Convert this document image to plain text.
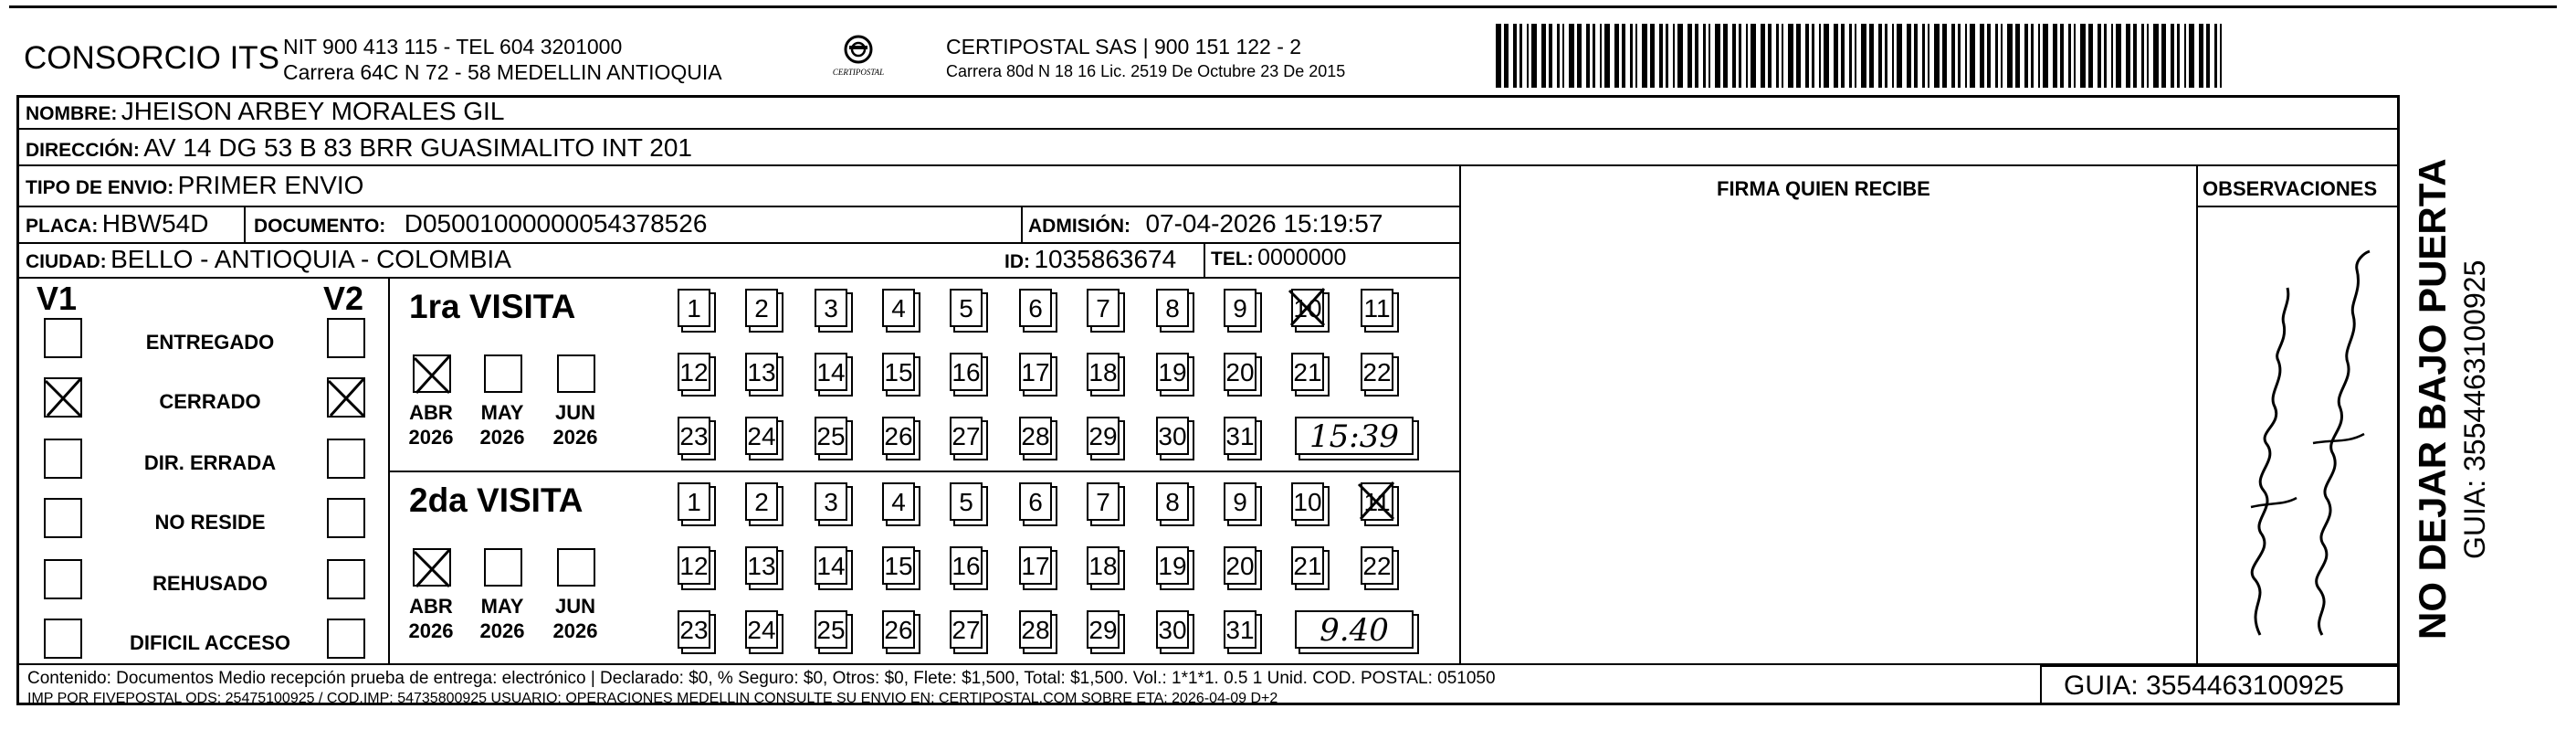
CONSORCIO ITS NIT 900 413 115 - TEL 604 3201000
Carrera 64C N 72 - 58 MEDELLIN ANTIOQUIA	CERTIPOSTAL
CERTIPOSTAL SAS | 900 151 122 - 2
Carrera 80d N 18 16 Lic. 2519 De Octubre 23 De 2015
NOMBRE: JHEISON ARBEY MORALES GIL
DIRECCIÓN: AV 14 DG 53 B 83 BRR GUASIMALITO INT 201
TIPO DE ENVIO: PRIMER ENVIO	FIRMA QUIEN RECIBE	OBSERVACIONES
PLACA: HBW54D DOCUMENTO: D05001000000054378526	ADMISIÓN: 07-04-2026 15:19:57
CIUDAD: BELLO - ANTIOQUIA - COLOMBIA	ID: 1035863674 TEL: 0000000
V1	V2
ENTREGADO
CERRADO
DIR. ERRADA
NO RESIDE
REHUSADO
DIFICIL ACCESO
1ra VISITA
ABR
2026
MAY
2026
JUN
2026
1	2	3	4	5	6	7	8	9	10 11
12 13 14 15 16 17 18 19 20 21 22
23 24 25 26 27 28 29 30 31	15:39
2da VISITA
ABR
2026
MAY
2026
JUN
2026
1	2	3	4	5	6	7	8	9	10 11
12 13 14 15 16 17 18 19 20 21 22
23 24 25 26 27 28 29 30 31	9.40
Contenido: Documentos Medio recepción prueba de entrega: electrónico | Declarado: $0, % Seguro: $0, Otros: $0, Flete: $1,500, Total: $1,500. Vol.: 1*1*1. 0.5 1 Unid. COD. POSTAL: 051050
IMP POR FIVEPOSTAL ODS: 25475100925 / COD.IMP: 54735800925 USUARIO: OPERACIONES MEDELLIN CONSULTE SU ENVIO EN: CERTIPOSTAL.COM SOBRE ETA: 2026-04-09 D+2	GUIA: 3554463100925
NO DEJAR BAJO PUERTA GUIA: 3554463100925
